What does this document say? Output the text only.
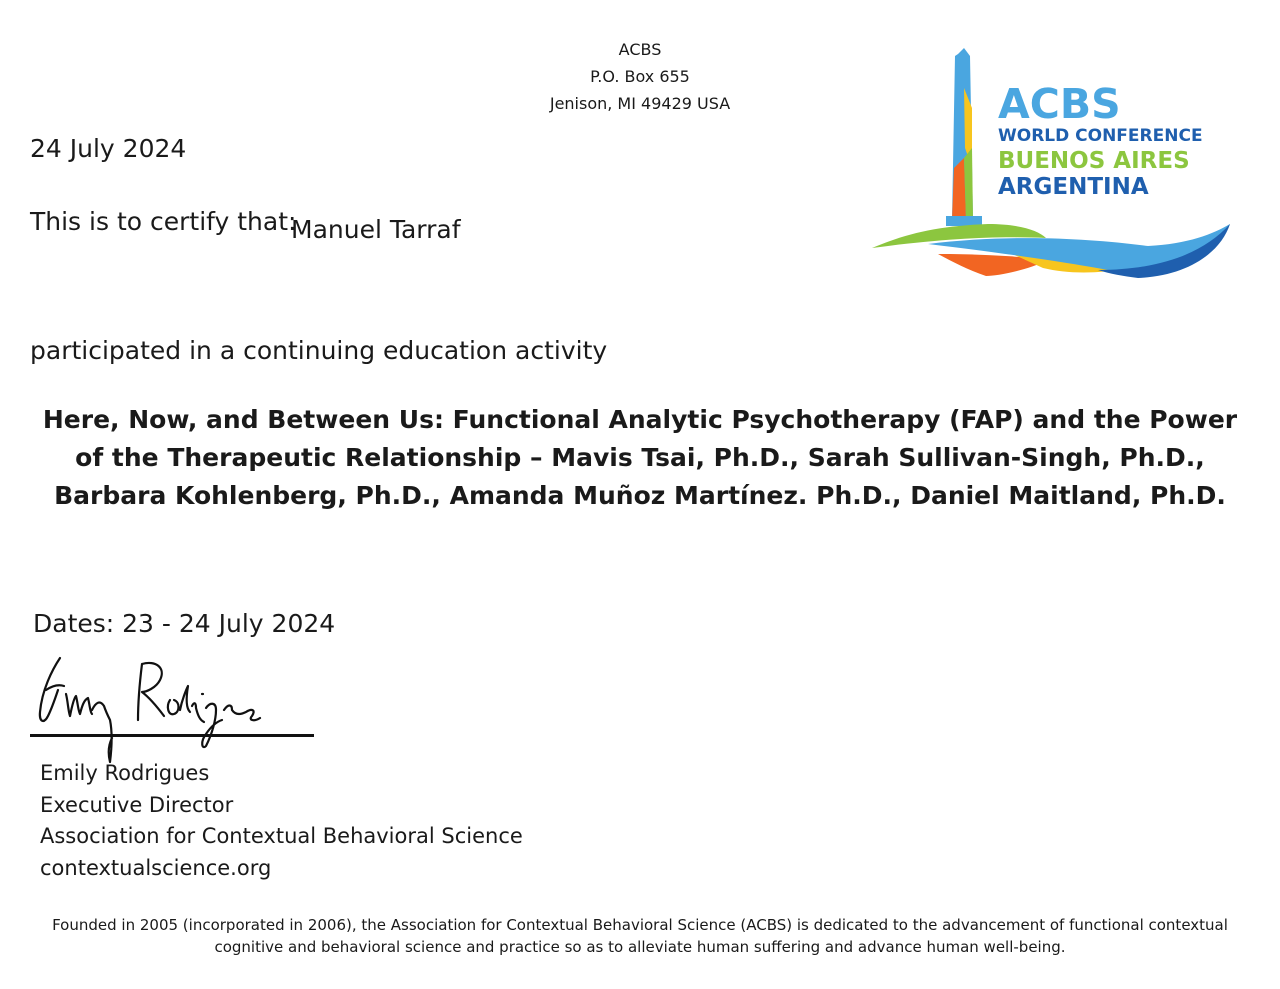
ACBS
P.O. Box 655
Jenison, MI 49429 USA	ACBS
WORLD CONFERENCE
BUENOS AIRES
ARGENTINA
24 July 2024
This is to certify that:
Manuel Tarraf
participated in a continuing education activity
Here, Now, and Between Us: Functional Analytic Psychotherapy (FAP) and the Power of the Therapeutic Relationship – Mavis Tsai, Ph.D., Sarah Sullivan-Singh, Ph.D., Barbara Kohlenberg, Ph.D., Amanda Muñoz Martínez. Ph.D., Daniel Maitland, Ph.D.
Dates: 23 - 24 July 2024
Emily Rodrigues
Executive Director
Association for Contextual Behavioral Science
contextualscience.org
Founded in 2005 (incorporated in 2006), the Association for Contextual Behavioral Science (ACBS) is dedicated to the advancement of functional contextual cognitive and behavioral science and practice so as to alleviate human suffering and advance human well-being.
